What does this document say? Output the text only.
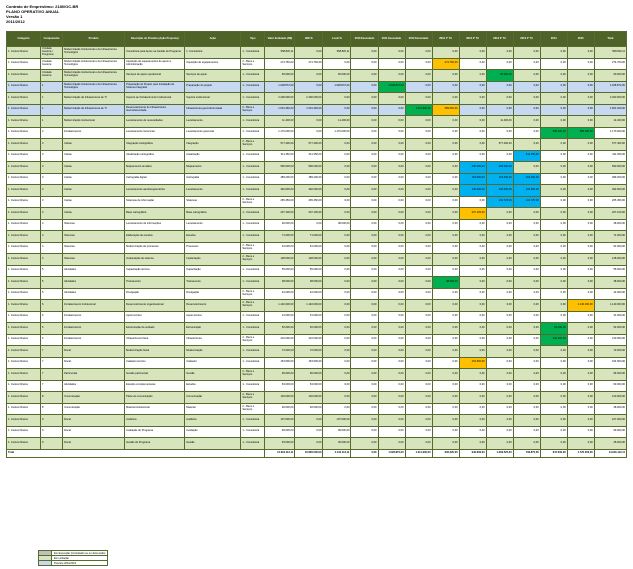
Contrato de Empréstimo: 2180/OC-BR
PLANO OPERATIVO ANUAL
Versão 1
2011/2012
Categoria	Componente	Produto	Descrição do Produto (Ação Proposta)	Ação	Tipo	Valor Estimado (R$)	BID %	Local %	2010 Executado	2011 Executado	2012 Executado	2013 1º Tri	2013 2º Tri	2013 3º Tri	2013 4º Tri	2014	2015	Total
1. Custos Diretos	Unidade Gestora / Programa	Modernização Institucional e da Infraestrutura Tecnológica	Consultoria para Apoio na Gestão do Programa	1. Consultoria	1 - Consultoria	568.820,11	0,00	568.820,11	0,00	0,00	0,00	0,00	0,00	0,00	0,00	0,00	0,00	568.820,11
1. Custos Diretos	Unidade Gestora	Modernização Institucional e da Infraestrutura Tecnológica	Aquisição de equipamentos de apoio à Administração	Aquisição de equipamentos	2 - Bens e Serviços	274.760,00	274.760,00	0,00	0,00	0,00	0,00	274.760,00	0,00	0,00	0,00	0,00	0,00	274.760,00
1. Custos Diretos	Unidade Gestora	Modernização Institucional e da Infraestrutura Tecnológica	Serviços de apoio operacional	Serviços de apoio	1 - Consultoria	60.000,00	0,00	60.000,00	0,00	0,00	0,00	0,00	0,00	60.000,00	0,00	0,00	0,00	60.000,00
1. Custos Diretos	1	Modernização Institucional e da Infraestrutura Tecnológica	Preparação do Projeto para Instalação de Sistema Integrado	Preparação do projeto	1 - Consultoria	1.028.872,00	0,00	1.028.872,00	0,00	1.028.872,00	0,00	0,00	0,00	0,00	0,00	0,00	0,00	1.028.872,00
1. Custos Diretos	1	Modernização da Infraestrutura de TI	Suporte ao Fortalecimento Institucional	Suporte institucional	1 - Consultoria	2.400.000,00	2.400.000,00	0,00	0,00	0,00	0,00	0,00	0,00	0,00	0,00	0,00	0,00	2.400.000,00
1. Custos Diretos	1	Modernização da Infraestrutura de TI	Desenvolvimento de Infraestrutura Georreferenciada	Infraestrutura georreferenciada	2 - Bens e Serviços	1.601.460,00	1.601.460,00	0,00	0,00	0,00	1.011.900,00	589.560,00	0,00	0,00	0,00	0,00	0,00	1.601.460,00
1. Custos Diretos	1	Modernização Institucional	Levantamento de necessidades	Levantamento	1 - Consultoria	11.400,00	0,00	11.400,00	0,00	0,00	0,00	0,00	0,00	11.400,00	0,00	0,00	0,00	11.400,00
1. Custos Diretos	2	Fortalecimento	Levantamento Gerencial	Levantamento gerencial	1 - Consultoria	1.170.000,00	0,00	1.170.000,00	0,00	0,00	0,00	0,00	0,00	0,00	0,00	585.000,00	585.000,00	1.170.000,00
1. Custos Diretos	3	Cartas	Integração cartográfica	Integração	2 - Bens e Serviços	577.400,00	577.400,00	0,00	0,00	0,00	0,00	0,00	0,00	577.400,00	0,00	0,00	0,00	577.400,00
1. Custos Diretos	3	Cartas	Atualização cartográfica	Atualização	1 - Consultoria	311.350,00	311.350,00	0,00	0,00	0,00	0,00	0,00	0,00	0,00	311.350,00	0,00	0,00	311.350,00
1. Custos Diretos	3	Cartas	Mapeamento temático	Mapeamento	1 - Consultoria	590.000,00	590.000,00	0,00	0,00	0,00	0,00	0,00	295.000,00	295.000,00	0,00	0,00	0,00	590.000,00
1. Custos Diretos	3	Cartas	Cartografia digital	Cartografia	1 - Consultoria	489.200,00	489.200,00	0,00	0,00	0,00	0,00	0,00	163.000,00	163.000,00	163.200,00	0,00	0,00	489.200,00
1. Custos Diretos	3	Cartas	Levantamento aerofotogramétrico	Levantamento	1 - Consultoria	392.600,00	392.600,00	0,00	0,00	0,00	0,00	0,00	130.000,00	130.000,00	132.600,00	0,00	0,00	392.600,00
1. Custos Diretos	3	Cartas	Sistemas de informação	Sistemas	2 - Bens e Serviços	265.450,00	265.450,00	0,00	0,00	0,00	0,00	0,00	0,00	132.725,00	132.725,00	0,00	0,00	265.450,00
1. Custos Diretos	3	Cartas	Base cartográfica	Base cartográfica	1 - Consultoria	207.100,00	207.100,00	0,00	0,00	0,00	0,00	0,00	207.100,00	0,00	0,00	0,00	0,00	207.100,00
1. Custos Diretos	4	Sistemas	Levantamento de informações	Levantamento	1 - Consultoria	48.000,00	0,00	48.000,00	0,00	0,00	0,00	0,00	0,00	0,00	0,00	0,00	0,00	48.000,00
1. Custos Diretos	4	Sistemas	Elaboração de estudos	Estudos	1 - Consultoria	71.000,00	71.000,00	0,00	0,00	0,00	0,00	0,00	0,00	0,00	0,00	0,00	0,00	71.000,00
1. Custos Diretos	4	Sistemas	Modernização de processos	Processos	2 - Bens e Serviços	91.000,00	91.000,00	0,00	0,00	0,00	0,00	0,00	0,00	0,00	0,00	0,00	0,00	91.000,00
1. Custos Diretos	4	Sistemas	Implantação de sistema	Implantação	2 - Bens e Serviços	128.000,00	128.000,00	0,00	0,00	0,00	0,00	0,00	0,00	0,00	0,00	0,00	0,00	128.000,00
1. Custos Diretos	5	Atividades	Capacitação técnica	Capacitação	1 - Consultoria	55.000,00	55.000,00	0,00	0,00	0,00	0,00	0,00	0,00	0,00	0,00	0,00	0,00	55.000,00
1. Custos Diretos	5	Atividades	Treinamento	Treinamento	1 - Consultoria	38.000,00	38.000,00	0,00	0,00	0,00	0,00	38.000,00	0,00	0,00	0,00	0,00	0,00	38.000,00
1. Custos Diretos	5	Atividades	Divulgação	Divulgação	2 - Bens e Serviços	42.000,00	42.000,00	0,00	0,00	0,00	0,00	0,00	0,00	0,00	0,00	0,00	0,00	42.000,00
1. Custos Diretos	6	Fortalecimento Institucional	Desenvolvimento organizacional	Desenvolvimento	2 - Bens e Serviços	1.140.000,00	1.140.000,00	0,00	0,00	0,00	0,00	0,00	0,00	0,00	0,00	0,00	1.140.000,00	1.140.000,00
1. Custos Diretos	6	Fortalecimento	Apoio técnico	Apoio técnico	1 - Consultoria	31.000,00	31.000,00	0,00	0,00	0,00	0,00	0,00	0,00	0,00	0,00	0,00	0,00	31.000,00
1. Custos Diretos	6	Fortalecimento	Estruturação da unidade	Estruturação	1 - Consultoria	52.000,00	52.000,00	0,00	0,00	0,00	0,00	0,00	0,00	0,00	0,00	52.000,00	0,00	52.000,00
1. Custos Diretos	6	Fortalecimento	Infraestrutura física	Infraestrutura	2 - Bens e Serviços	210.000,00	210.000,00	0,00	0,00	0,00	0,00	0,00	0,00	0,00	0,00	210.000,00	0,00	210.000,00
1. Custos Diretos	7	Fiscal	Modernização fiscal	Modernização	1 - Consultoria	72.000,00	72.000,00	0,00	0,00	0,00	0,00	0,00	0,00	0,00	0,00	0,00	0,00	72.000,00
1. Custos Diretos	7	Fiscal	Cadastro técnico	Cadastro	1 - Consultoria	154.500,00	154.500,00	0,00	0,00	0,00	0,00	0,00	154.500,00	0,00	0,00	0,00	0,00	154.500,00
1. Custos Diretos	7	Patrimonial	Gestão patrimonial	Gestão	2 - Bens e Serviços	96.000,00	96.000,00	0,00	0,00	0,00	0,00	0,00	0,00	0,00	0,00	0,00	0,00	96.000,00
1. Custos Diretos	7	Atividades	Estudos complementares	Estudos	1 - Consultoria	63.000,00	63.000,00	0,00	0,00	0,00	0,00	0,00	0,00	0,00	0,00	0,00	0,00	63.000,00
1. Custos Diretos	8	Comunicação	Plano de comunicação	Comunicação	2 - Bens e Serviços	120.000,00	120.000,00	0,00	0,00	0,00	0,00	0,00	0,00	0,00	0,00	0,00	0,00	120.000,00
1. Custos Diretos	8	Comunicação	Material institucional	Material	2 - Bens e Serviços	48.000,00	48.000,00	0,00	0,00	0,00	0,00	0,00	0,00	0,00	0,00	0,00	0,00	48.000,00
1. Custos Diretos	9	Fiscal	Auditoria	Auditoria	1 - Consultoria	107.000,00	0,00	107.000,00	0,00	0,00	0,00	0,00	0,00	0,00	0,00	0,00	0,00	107.000,00
1. Custos Diretos	9	Fiscal	Avaliação do Programa	Avaliação	1 - Consultoria	99.000,00	0,00	99.000,00	0,00	0,00	0,00	0,00	0,00	0,00	0,00	0,00	0,00	99.000,00
1. Custos Diretos	9	Fiscal	Gestão do Programa	Gestão	1 - Consultoria	45.000,00	0,00	45.000,00	0,00	0,00	0,00	0,00	0,00	0,00	0,00	0,00	0,00	45.000,00
Total						14.916.112,11	10.800.000,00	4.116.112,11	0,00	1.028.872,00	1.011.900,00	902.320,00	949.600,00	1.369.525,00	739.875,00	847.000,00	1.725.000,00	14.916.112,11
	Em Execução (Contratado ou em Execução)
	Em Licitação
	Previsto 2011/2012
